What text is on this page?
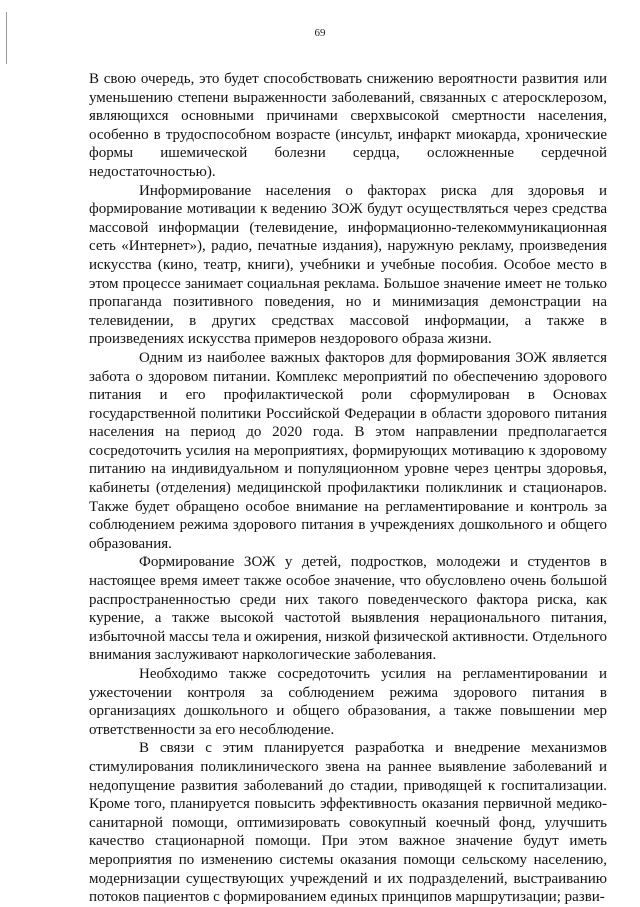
69

В свою очередь, это будет способствовать снижению вероятности развития или уменьшению степени выраженности заболеваний, связанных с атеросклерозом, являющихся основными причинами сверхвысокой смертности населения, особенно в трудоспособном возрасте (инсульт, инфаркт миокарда, хронические формы ишемической болезни сердца, осложненные сердечной недостаточностью).

Информирование населения о факторах риска для здоровья и формирование мотивации к ведению ЗОЖ будут осуществляться через средства массовой информации (телевидение, информационно-телекоммуникационная сеть «Интернет»), радио, печатные издания), наружную рекламу, произведения искусства (кино, театр, книги), учебники и учебные пособия. Особое место в этом процессе занимает социальная реклама. Большое значение имеет не только пропаганда позитивного поведения, но и минимизация демонстрации на телевидении, в других средствах массовой информации, а также в произведениях искусства примеров нездорового образа жизни.

Одним из наиболее важных факторов для формирования ЗОЖ является забота о здоровом питании. Комплекс мероприятий по обеспечению здорового питания и его профилактической роли сформулирован в Основах государственной политики Российской Федерации в области здорового питания населения на период до 2020 года. В этом направлении предполагается сосредоточить усилия на мероприятиях, формирующих мотивацию к здоровому питанию на индивидуальном и популяционном уровне через центры здоровья, кабинеты (отделения) медицинской профилактики поликлиник и стационаров. Также будет обращено особое внимание на регламентирование и контроль за соблюдением режима здорового питания в учреждениях дошкольного и общего образования.

Формирование ЗОЖ у детей, подростков, молодежи и студентов в настоящее время имеет также особое значение, что обусловлено очень большой распространенностью среди них такого поведенческого фактора риска, как курение, а также высокой частотой выявления нерационального питания, избыточной массы тела и ожирения, низкой физической активности. Отдельного внимания заслуживают наркологические заболевания.

Необходимо также сосредоточить усилия на регламентировании и ужесточении контроля за соблюдением режима здорового питания в организациях дошкольного и общего образования, а также повышении мер ответственности за его несоблюдение.

В связи с этим планируется разработка и внедрение механизмов стимулирования поликлинического звена на раннее выявление заболеваний и недопущение развития заболеваний до стадии, приводящей к госпитализации. Кроме того, планируется повысить эффективность оказания первичной медико-санитарной помощи, оптимизировать совокупный коечный фонд, улучшить качество стационарной помощи. При этом важное значение будут иметь мероприятия по изменению системы оказания помощи сельскому населению, модернизации существующих учреждений и их подразделений, выстраиванию потоков пациентов с формированием единых принципов маршрутизации; разви-
